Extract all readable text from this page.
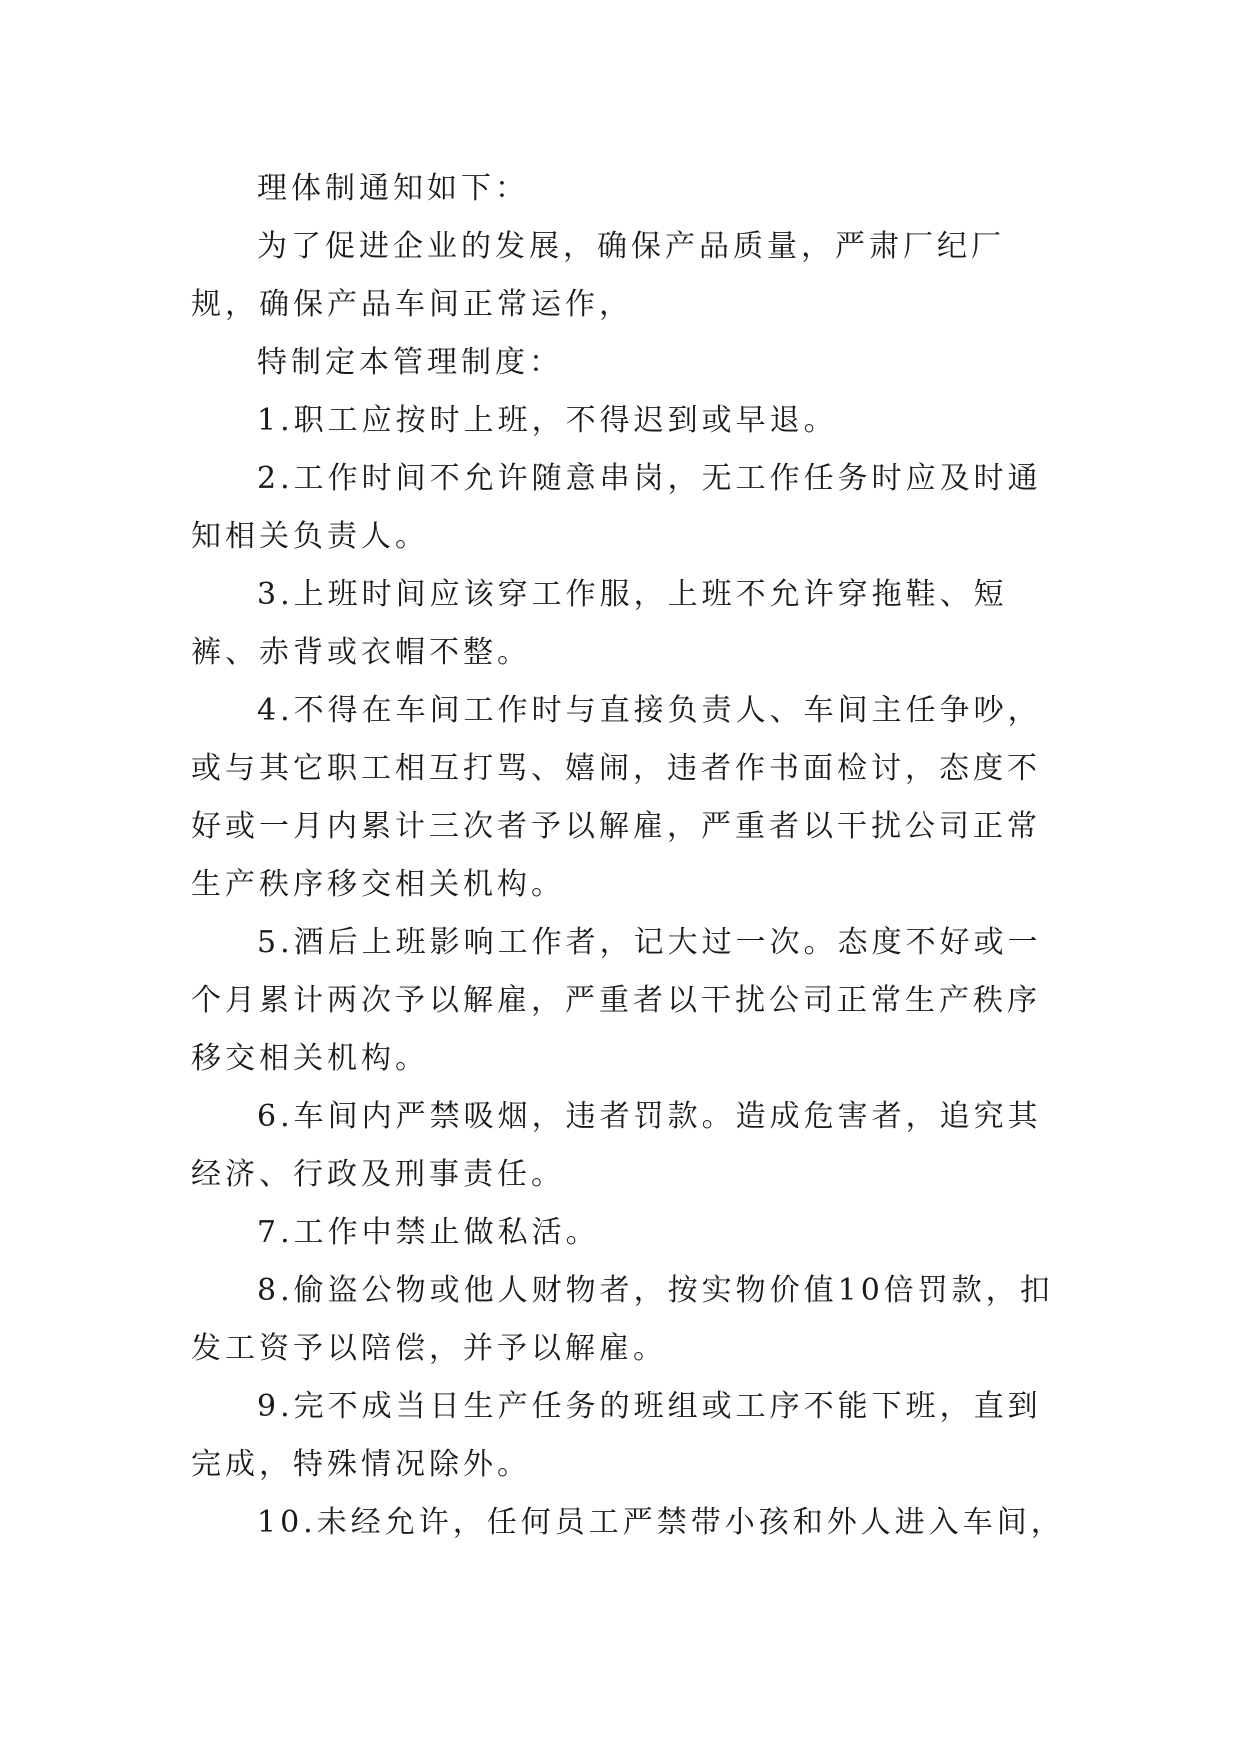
理体制通知如下：

为了促进企业的发展，确保产品质量，严肃厂纪厂规，确保产品车间正常运作，

特制定本管理制度：

1.职工应按时上班，不得迟到或早退。

2.工作时间不允许随意串岗，无工作任务时应及时通知相关负责人。

3.上班时间应该穿工作服，上班不允许穿拖鞋、短裤、赤背或衣帽不整。

4.不得在车间工作时与直接负责人、车间主任争吵，或与其它职工相互打骂、嬉闹，违者作书面检讨，态度不好或一月内累计三次者予以解雇，严重者以干扰公司正常生产秩序移交相关机构。

5.酒后上班影响工作者，记大过一次。态度不好或一个月累计两次予以解雇，严重者以干扰公司正常生产秩序移交相关机构。

6.车间内严禁吸烟，违者罚款。造成危害者，追究其经济、行政及刑事责任。

7.工作中禁止做私活。

8.偷盗公物或他人财物者，按实物价值10倍罚款，扣发工资予以陪偿，并予以解雇。

9.完不成当日生产任务的班组或工序不能下班，直到完成，特殊情况除外。

10.未经允许，任何员工严禁带小孩和外人进入车间，
